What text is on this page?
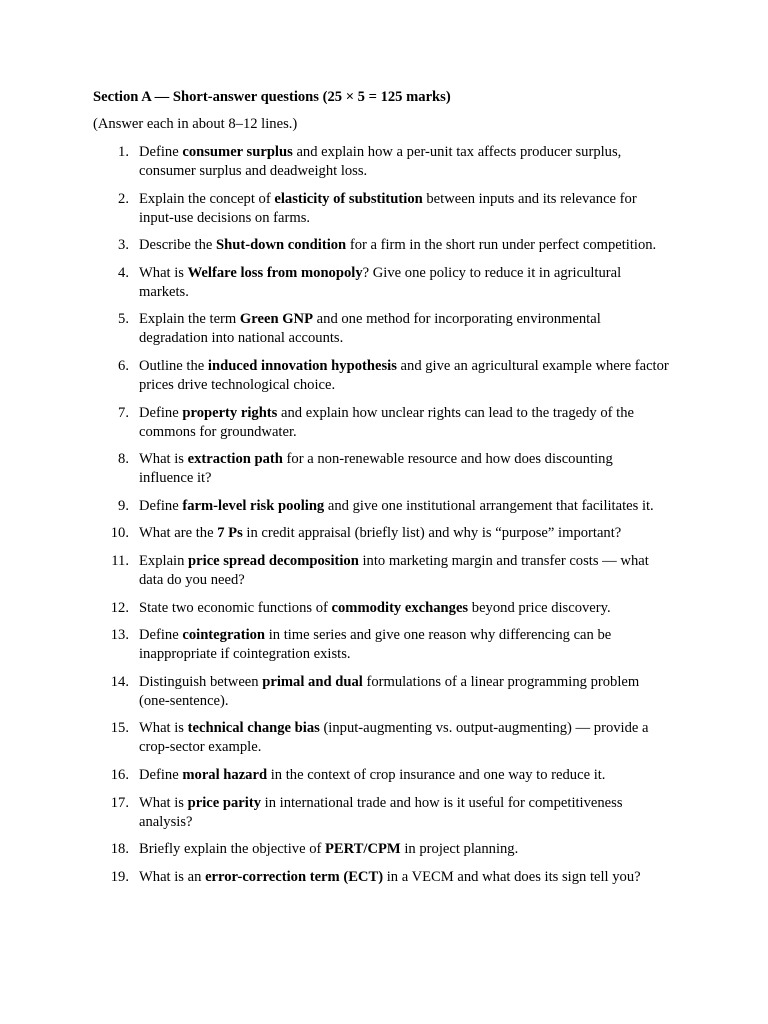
Section A — Short-answer questions (25 × 5 = 125 marks)
(Answer each in about 8–12 lines.)
1. Define consumer surplus and explain how a per-unit tax affects producer surplus, consumer surplus and deadweight loss.
2. Explain the concept of elasticity of substitution between inputs and its relevance for input-use decisions on farms.
3. Describe the Shut-down condition for a firm in the short run under perfect competition.
4. What is Welfare loss from monopoly? Give one policy to reduce it in agricultural markets.
5. Explain the term Green GNP and one method for incorporating environmental degradation into national accounts.
6. Outline the induced innovation hypothesis and give an agricultural example where factor prices drive technological choice.
7. Define property rights and explain how unclear rights can lead to the tragedy of the commons for groundwater.
8. What is extraction path for a non-renewable resource and how does discounting influence it?
9. Define farm-level risk pooling and give one institutional arrangement that facilitates it.
10. What are the 7 Ps in credit appraisal (briefly list) and why is “purpose” important?
11. Explain price spread decomposition into marketing margin and transfer costs — what data do you need?
12. State two economic functions of commodity exchanges beyond price discovery.
13. Define cointegration in time series and give one reason why differencing can be inappropriate if cointegration exists.
14. Distinguish between primal and dual formulations of a linear programming problem (one-sentence).
15. What is technical change bias (input-augmenting vs. output-augmenting) — provide a crop-sector example.
16. Define moral hazard in the context of crop insurance and one way to reduce it.
17. What is price parity in international trade and how is it useful for competitiveness analysis?
18. Briefly explain the objective of PERT/CPM in project planning.
19. What is an error-correction term (ECT) in a VECM and what does its sign tell you?
